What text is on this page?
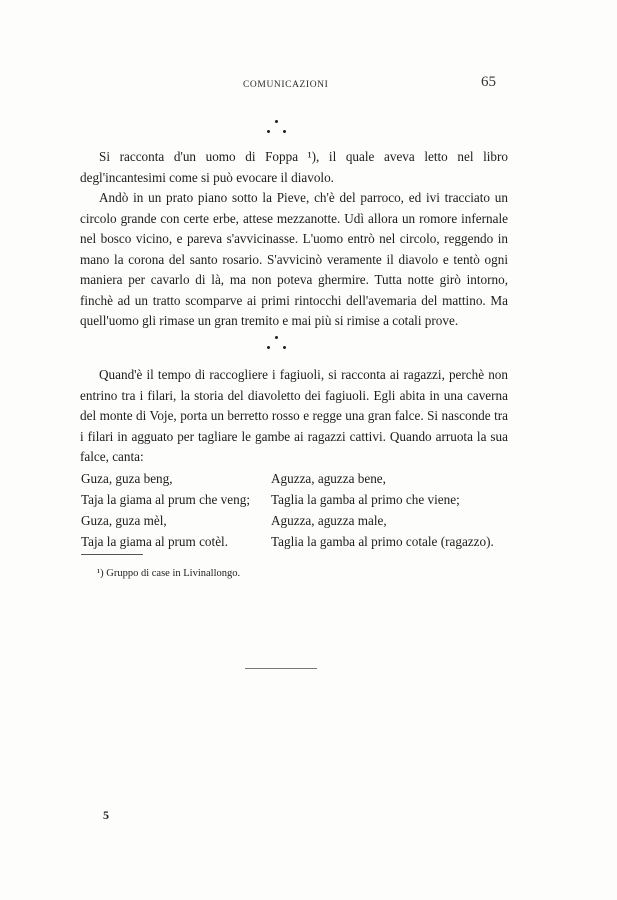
COMUNICAZIONI	65

Si racconta d'un uomo di Foppa ¹), il quale aveva letto nel libro degl'incantesimi come si può evocare il diavolo.

Andò in un prato piano sotto la Pieve, ch'è del parroco, ed ivi tracciato un circolo grande con certe erbe, attese mezzanotte. Udì allora un romore infernale nel bosco vicino, e pareva s'avvicinasse. L'uomo entrò nel circolo, reggendo in mano la corona del santo rosario. S'avvicinò veramente il diavolo e tentò ogni maniera per cavarlo di là, ma non poteva ghermire. Tutta notte girò intorno, finchè ad un tratto scomparve ai primi rintocchi dell'avemaria del mattino. Ma quell'uomo gli rimase un gran tremito e mai più si rimise a cotali prove.

Quand'è il tempo di raccogliere i fagiuoli, si racconta ai ragazzi, perchè non entrino tra i filari, la storia del diavoletto dei fagiuoli. Egli abita in una caverna del monte di Voje, porta un berretto rosso e regge una gran falce. Si nasconde tra i filari in agguato per tagliare le gambe ai ragazzi cattivi. Quando arruota la sua falce, canta:

Guza, guza beng,	Aguzza, aguzza bene,
Taja la giama al prum che veng;	Taglia la gamba al primo che viene;
Guza, guza mèl,	Aguzza, aguzza male,
Taja la giama al prum cotèl.	Taglia la gamba al primo cotale (ragazzo).
¹) Gruppo di case in Livinallongo.
5
